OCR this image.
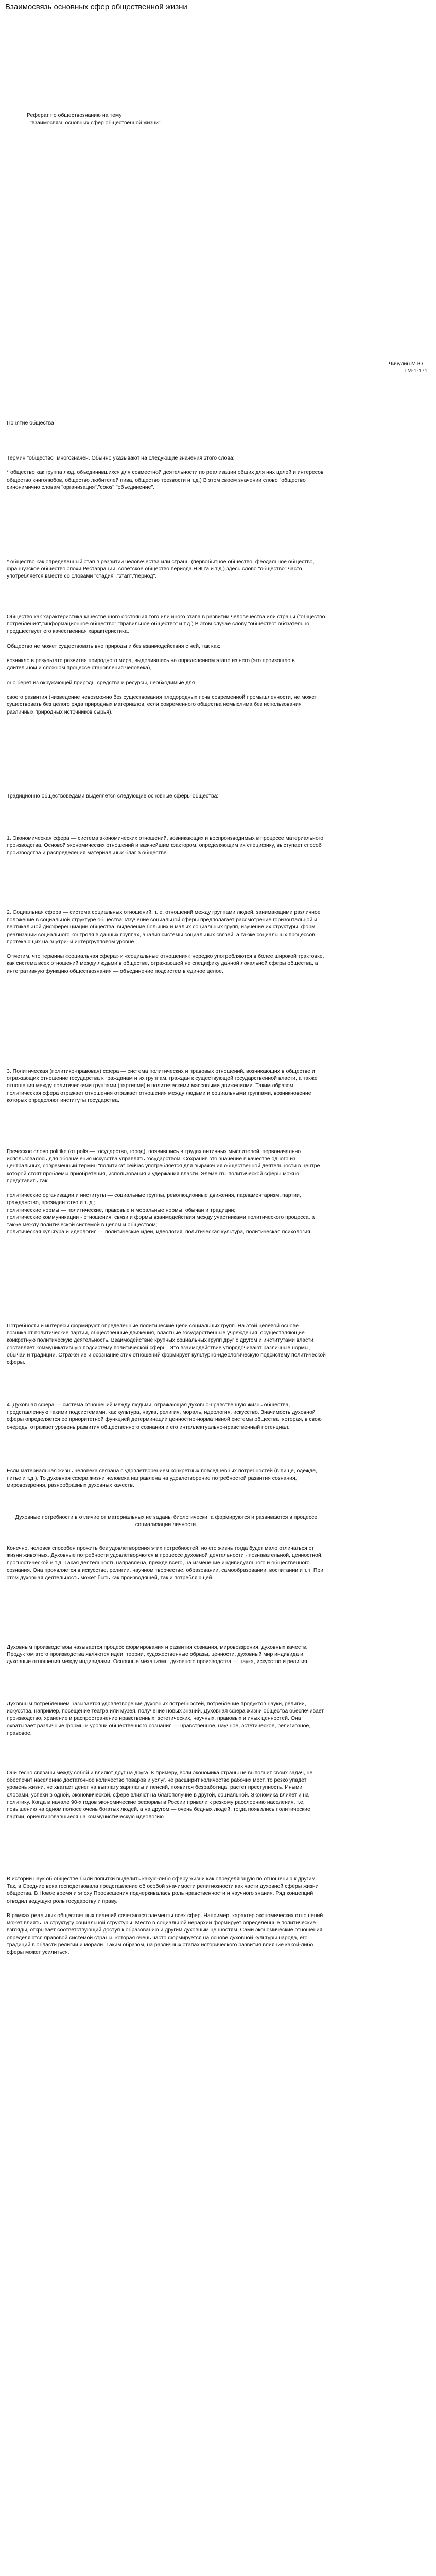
Взаимосвязь основных сфер общественной жизни
Реферат по обществознанию на тему
"взаимосвязь основных сфер общественной жизни"
Чичулин.М.Ю
ТМ-1-171

Понятие общества

Термин "общество" многозначен. Обычно указывают на следующие значения этого слова:

* общество как группа люд, объединившихся для совместной деятельности по реализации общих для них целей и интересов общество книголюбов, общество любителей пива, общество трезвости и т.д.) В этом своем значении слово "общество" синонимично словам "организация","союз","объединение".

* общество как определенный этап в развитии человечества или страны (первобытное общество, феодальное общество, французское общество эпохи Реставрации, советское общество периода НЭП'а и т.д.).здесь слово "общество" часто употребляется вместе со словами "стадия","этап","период".

Общество как характеристика качественного состояния того или иного этапа в развитии человечества или страны ("общество потребления","информационное общество","правильное общество" и т.д.) В этом случае слову "общество" обязательно предшествует его качественная характеристика.

Общество не может существовать вне природы и без взаимодействия с ней, так как:

возникло в результате развития природного мира, выделившись на определенном этапе из него (это произошло в длительном и сложном процессе становления человека),

оно берет из окружающей природы средства и ресурсы, необходимые для

своего развития (низведение невозможно без существования плодородных почв современной промышленности, не может существовать без целого ряда природных материалов, если современного общества немыслима без использования различных природных источников сырья).

Традиционно обществоведами выделяется следующие основные сферы общества:

1. Экономическая сфера — система экономических отношений, возникающих и воспроизводимых в процессе материального производства. Основой экономических отношений и важнейшим фактором, определяющим их специфику, выступает способ производства и распределения материальных благ в обществе.

2. Социальная сфера — система социальных отношений, т. е. отношений между группами людей, занимающими различное положение в социальной структуре общества. Изучение социальной сферы предполагает рассмотрение горизонтальной и вертикальной дифференциации общества, выделение больших и малых социальных групп, изучение их структуры, форм реализации социального контроля в данных группах, анализ системы социальных связей, а также социальных процессов, протекающих на внутри- и интергрупповом уровне.

Отметим, что термины «социальная сфера» и «социальные отношения» нередко употребляются в более широкой трактовке, как система всех отношений между людьми в обществе, отражающей не специфику данной локальной сферы общества, а интегративную функцию обществознания — объединение подсистем в единое целое.

3. Политическая (политико-правовая) сфера — система политических и правовых отношений, возникающих в обществе и отражающих отношение государства к гражданам и их группам, граждан к существующей государственной власти, а также отношения между политическими группами (партиями) и политическими массовыми движениями. Таким образом, политическая сфера отражает отношения отражает отношения между людьми и социальными группами, возникновение которых определяют институты государства.

Греческое слово politike (от polis — государство, город), появившись в трудах античных мыслителей, первоначально использовалось для обозначения искусства управлять государством. Сохранив это значение в качестве одного из центральных, современный термин "политика" сейчас употребляется для выражения общественной деятельности в центре которой стоят проблемы приобретения, использования и удержания власти. Элементы политической сферы можно представить так:

политические организации и институты — социальные группы, революционные движения, парламентаризм, партии, гражданство, президентство и т. д.;

политические нормы — политические, правовые и моральные нормы, обычаи и традиции;

политические коммуникации - отношения, связи и формы взаимодействия между участниками политического процесса, а также между политической системой в целом и обществом;

политическая культура и идеология — политические идеи, идеология, политическая культура, политическая психология.

Потребности и интересы формируют определенные политические цели социальных групп. На этой целевой основе возникают политические партии, общественные движения, властные государственные учреждения, осуществляющие конкретную политическую деятельность. Взаимодействие крупных социальных групп друг с другом и институтами власти составляет коммуникативную подсистему политической сферы. Это взаимодействие упорядочивают различные нормы, обычаи и традиции. Отражение и осознание этих отношений формирует культурно-идеологическую подсистему политической сферы.

4. Духовная сфера — система отношений между людьми, отражающая духовно-нравственную жизнь общества, представленную такими подсистемами, как культура, наука, религия, мораль, идеология, искусство. Значимость духовной сферы определяется ее приоритетной функцией детерминации ценностно-нормативной системы общества, которая, в свою очередь, отражает уровень развития общественного сознания и его интеллектуально-нравственный потенциал.

Если материальная жизнь человека связана с удовлетворением конкретных повседневных потребностей (в пище, одежде, питье и т.д.). То духовная сфера жизни человека направлена на удовлетворение потребностей развития сознания, мировоззрения, разнообразных духовных качеств.

Духовные потребности в отличие от материальных не заданы биологически, а формируются и развиваются в процессе социализации личности.

Конечно, человек способен прожить без удовлетворения этих потребностей, но его жизнь тогда будет мало отличаться от жизни животных. Духовные потребности удовлетворяются в процессе духовной деятельности - познавательной, ценностной, прогностической и т.д. Такая деятельность направлена, прежде всего, на изменение индивидуального и общественного сознания. Она проявляется в искусстве, религии, научном творчестве, образовании, самообразовании, воспитании и т.п. При этом духовная деятельность может быть как производящей, так и потребляющей.

Духовным производством называется процесс формирования и развития сознания, мировоззрения, духовных качеств. Продуктом этого производства являются идеи, теории, художественные образы, ценности, духовный мир индивида и духовные отношения между индивидами. Основные механизмы духовного производства — наука, искусство и религия.

Духовным потреблением называется удовлетворение духовных потребностей, потребление продуктов науки, религии, искусства, например, посещение театра или музея, получение новых знаний. Духовная сфера жизни общества обеспечивает производство, хранение и распространение нравственных, эстетических, научных, правовых и иных ценностей. Она охватывает различные формы и уровни общественного сознания — нравственное, научное, эстетическое, религиозное, правовое.

Они тесно связаны между собой и влияют друг на друга. К примеру, если экономика страны не выполнит своих задач, не обеспечит населению достаточное количество товаров и услуг, не расширит количество рабочих мест, то резко упадет уровень жизни, не хватает денег на выплату зарплаты и пенсий, появится безработица, растет преступность. Иными словами, успехи в одной, экономической, сфере влияют на благополучие в другой, социальной. Экономика влияет и на политику. Когда в начале 90-х годов экономические реформы в России привели к резкому расслоению населения, т.е. повышению на одном полюсе очень богатых людей, а на другом — очень бедных людей, тогда появились политические партии, ориентировавшиеся на коммунистическую идеологию.

В истории наук об обществе были попытки выделить какую-либо сферу жизни как определяющую по отношению к другим. Так, в Средние века господствовала представление об особой значимости религиозности как части духовной сферы жизни общества. В Новое время и эпоху Просвещения подчеркивалась роль нравственности и научного знания. Ряд концепций отводил ведущую роль государству и праву.

В рамках реальных общественных явлений сочетаются элементы всех сфер. Например, характер экономических отношений может влиять на структуру социальной структуры. Место в социальной иерархии формирует определенные политические взгляды, открывает соответствующий доступ к образованию и другим духовным ценностям. Сами экономические отношения определяются правовой системой страны, которая очень часто формируется на основе духовной культуры народа, его традиций в области религии и морали. Таким образом, на различных этапах исторического развития влияние какой-либо сферы может усилиться.
